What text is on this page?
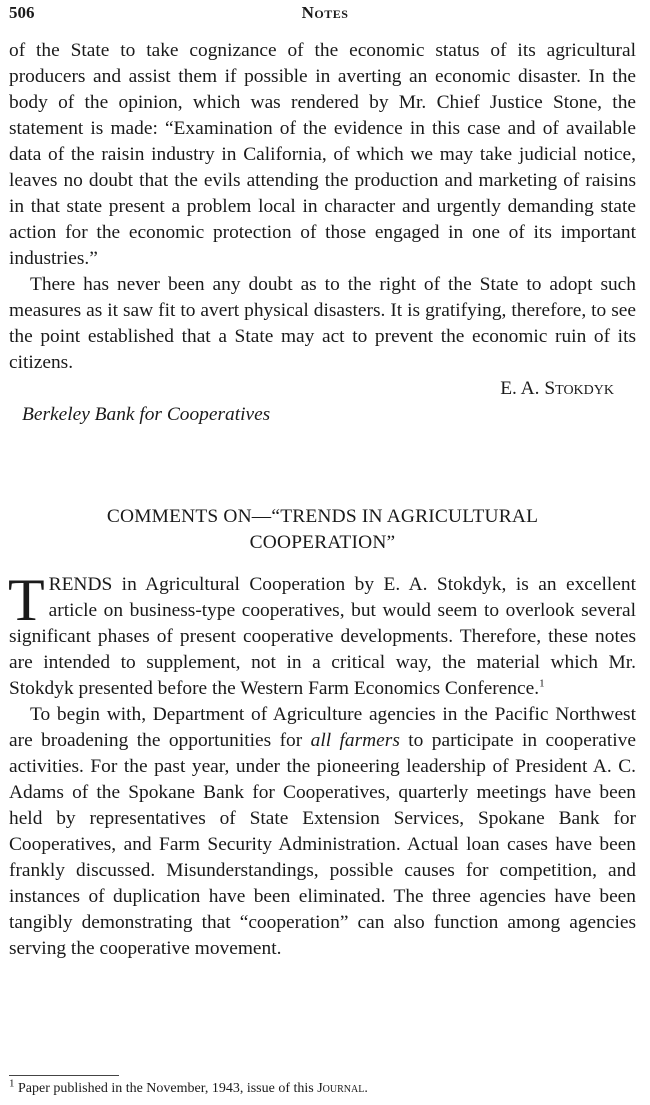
506	Notes

of the State to take cognizance of the economic status of its agricultural producers and assist them if possible in averting an economic disaster. In the body of the opinion, which was rendered by Mr. Chief Justice Stone, the statement is made: “Examination of the evidence in this case and of available data of the raisin industry in California, of which we may take judicial notice, leaves no doubt that the evils attending the production and marketing of raisins in that state present a problem local in character and urgently demanding state action for the economic protection of those engaged in one of its important industries.”

There has never been any doubt as to the right of the State to adopt such measures as it saw fit to avert physical disasters. It is gratifying, therefore, to see the point established that a State may act to prevent the economic ruin of its citizens.

E. A. Stokdyk

Berkeley Bank for Cooperatives

COMMENTS ON—“TRENDS IN AGRICULTURAL
COOPERATION”

TRENDS in Agricultural Cooperation by E. A. Stokdyk, is an excellent article on business-type cooperatives, but would seem to overlook several significant phases of present cooperative developments. Therefore, these notes are intended to supplement, not in a critical way, the material which Mr. Stokdyk presented before the Western Farm Economics Conference.$^1$

To begin with, Department of Agriculture agencies in the Pacific Northwest are broadening the opportunities for all farmers to participate in cooperative activities. For the past year, under the pioneering leadership of President A. C. Adams of the Spokane Bank for Cooperatives, quarterly meetings have been held by representatives of State Extension Services, Spokane Bank for Cooperatives, and Farm Security Administration. Actual loan cases have been frankly discussed. Misunderstandings, possible causes for competition, and instances of duplication have been eliminated. The three agencies have been tangibly demonstrating that “cooperation” can also function among agencies serving the cooperative movement.

$^1$ Paper published in the November, 1943, issue of this Journal.
